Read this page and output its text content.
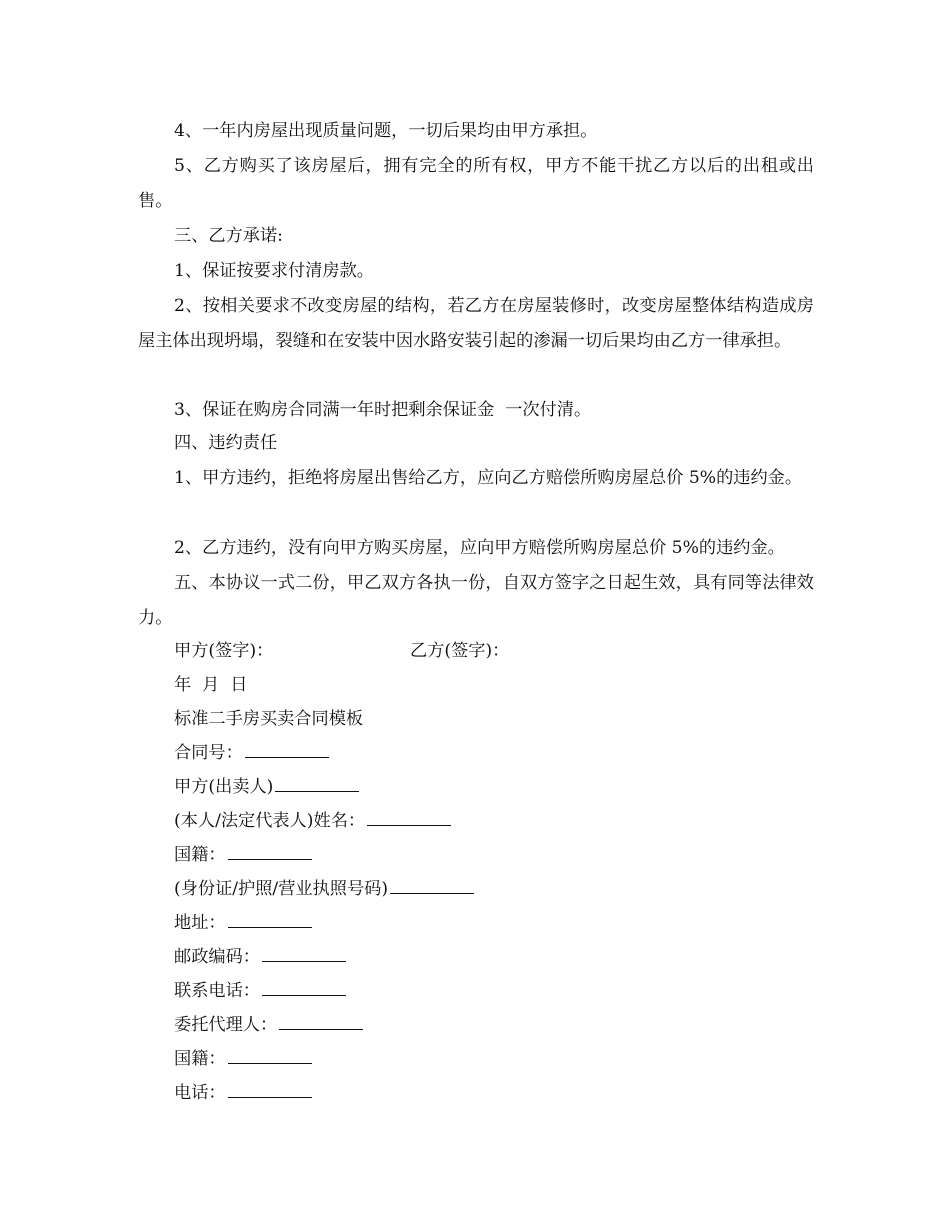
4、一年内房屋出现质量问题，一切后果均由甲方承担。

5、乙方购买了该房屋后，拥有完全的所有权，甲方不能干扰乙方以后的出租或出售。

三、乙方承诺:

1、保证按要求付清房款。

2、按相关要求不改变房屋的结构，若乙方在房屋装修时，改变房屋整体结构造成房屋主体出现坍塌，裂缝和在安装中因水路安装引起的渗漏一切后果均由乙方一律承担。

3、保证在购房合同满一年时把剩余保证金  一次付清。

四、违约责任

1、甲方违约，拒绝将房屋出售给乙方，应向乙方赔偿所购房屋总价 5%的违约金。

2、乙方违约，没有向甲方购买房屋，应向甲方赔偿所购房屋总价 5%的违约金。

五、本协议一式二份，甲乙双方各执一份，自双方签字之日起生效，具有同等法律效力。

甲方(签字)：	乙方(签字)：

年  月  日

标准二手房买卖合同模板

合同号：

甲方(出卖人)

(本人/法定代表人)姓名：

国籍：

(身份证/护照/营业执照号码)

地址：

邮政编码：

联系电话：

委托代理人：

国籍：

电话：
